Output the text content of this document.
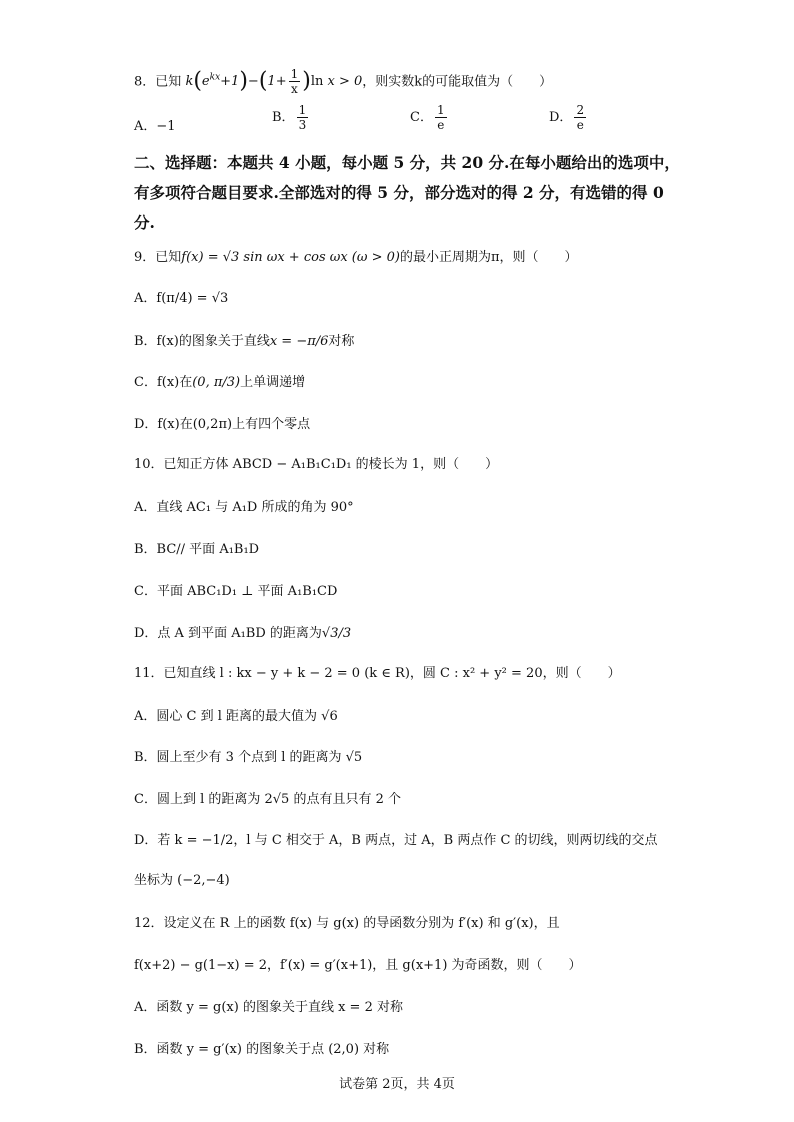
8．已知 $k(e^{kx}+1)-(1+ \frac{1}{x} )\ln$ x > 0，则实数k的可能取值为（　　）
A．−1
B． $\frac{1}{3}$	C． $\frac{1}{e}$	D． $\frac{2}{e}$
二、选择题：本题共 4 小题，每小题 5 分，共 20 分.在每小题给出的选项中，
有多项符合题目要求.全部选对的得 5 分，部分选对的得 2 分，有选错的得 0
分.
9．已知f(x) = √3 sin ωx + cos ωx (ω > 0)的最小正周期为π，则（　　）
A．f(π/4) = √3
B．f(x)的图象关于直线x = −π/6对称
C．f(x)在(0, π/3)上单调递增
D．f(x)在(0,2π)上有四个零点
10．已知正方体 ABCD − A₁B₁C₁D₁ 的棱长为 1，则（　　）
A．直线 AC₁ 与 A₁D 所成的角为 90°
B．BC// 平面 A₁B₁D
C．平面 ABC₁D₁ ⊥ 平面 A₁B₁CD
D．点 A 到平面 A₁BD 的距离为√3/3
11．已知直线 l : kx − y + k − 2 = 0 (k ∈ R)，圆 C : x² + y² = 20，则（　　）
A．圆心 C 到 l 距离的最大值为 √6
B．圆上至少有 3 个点到 l 的距离为 √5
C．圆上到 l 的距离为 2√5 的点有且只有 2 个
D．若 k = −1/2，l 与 C 相交于 A，B 两点，过 A，B 两点作 C 的切线，则两切线的交点
坐标为 (−2,−4)
12．设定义在 R 上的函数 f(x) 与 g(x) 的导函数分别为 f′(x) 和 g′(x)，且
f(x+2) − g(1−x) = 2，f′(x) = g′(x+1)，且 g(x+1) 为奇函数，则（　　）
A．函数 y = g(x) 的图象关于直线 x = 2 对称
B．函数 y = g′(x) 的图象关于点 (2,0) 对称
试卷第 2页，共 4页
